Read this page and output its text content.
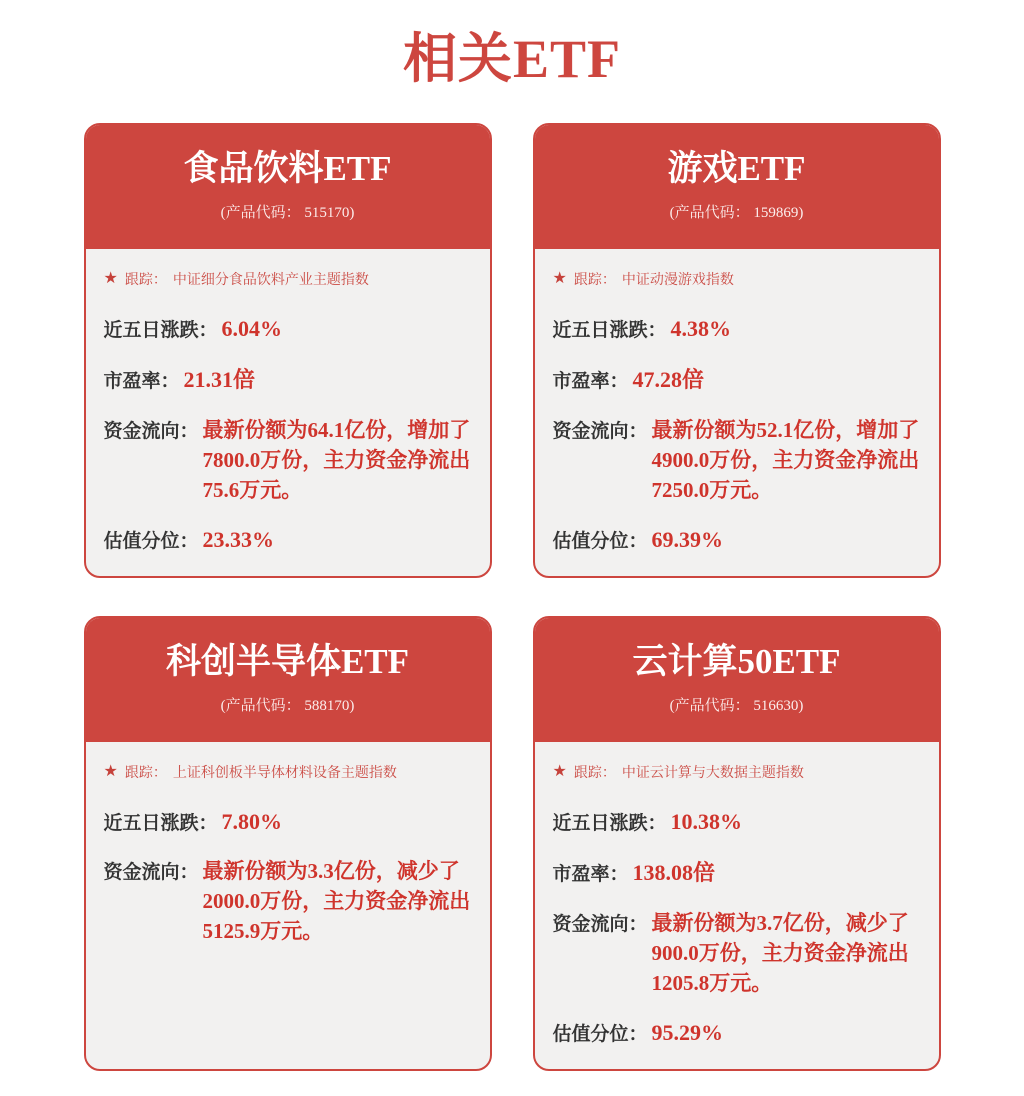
相关ETF
食品饮料ETF
(产品代码： 515170)
★ 跟踪： 中证细分食品饮料产业主题指数
近五日涨跌： 6.04%
市盈率： 21.31倍
资金流向： 最新份额为64.1亿份，增加了7800.0万份，主力资金净流出75.6万元。
估值分位： 23.33%
游戏ETF
(产品代码： 159869)
★ 跟踪： 中证动漫游戏指数
近五日涨跌： 4.38%
市盈率： 47.28倍
资金流向： 最新份额为52.1亿份，增加了4900.0万份，主力资金净流出7250.0万元。
估值分位： 69.39%
科创半导体ETF
(产品代码： 588170)
★ 跟踪： 上证科创板半导体材料设备主题指数
近五日涨跌： 7.80%
资金流向： 最新份额为3.3亿份，减少了2000.0万份，主力资金净流出5125.9万元。
云计算50ETF
(产品代码： 516630)
★ 跟踪： 中证云计算与大数据主题指数
近五日涨跌： 10.38%
市盈率： 138.08倍
资金流向： 最新份额为3.7亿份，减少了900.0万份，主力资金净流出1205.8万元。
估值分位： 95.29%
